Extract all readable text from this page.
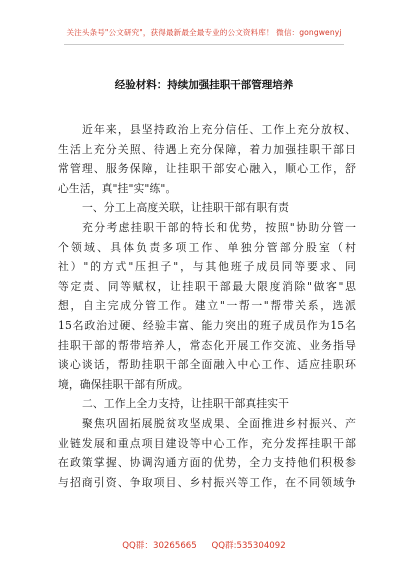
关注头条号"公文研究"，获得最新最全最专业的公文资料库！ 微信：gongwenyj
经验材料：持续加强挂职干部管理培养
近年来，县坚持政治上充分信任、工作上充分放权、
生活上充分关照、待遇上充分保障，着力加强挂职干部日
常管理、服务保障，让挂职干部安心融入，顺心工作，舒
心生活，真"挂"实"练"。
一、分工上高度关联，让挂职干部有职有责
充分考虑挂职干部的特长和优势，按照"协助分管一
个领域、具体负责多项工作、单独分管部分股室（村
社）"的方式"压担子"，与其他班子成员同等要求、同
等定责、同等赋权，让挂职干部最大限度消除"做客"思
想，自主完成分管工作。建立"一帮一"帮带关系，选派
15名政治过硬、经验丰富、能力突出的班子成员作为15名
挂职干部的帮带培养人，常态化开展工作交流、业务指导
谈心谈话，帮助挂职干部全面融入中心工作、适应挂职环
境，确保挂职干部有所成。
二、工作上全力支持，让挂职干部真挂实干
聚焦巩固拓展脱贫攻坚成果、全面推进乡村振兴、产
业链发展和重点项目建设等中心工作，充分发挥挂职干部
在政策掌握、协调沟通方面的优势，全力支持他们积极参
与招商引资、争取项目、乡村振兴等工作，在不同领域争
QQ群：30265665 QQ群:535304092
